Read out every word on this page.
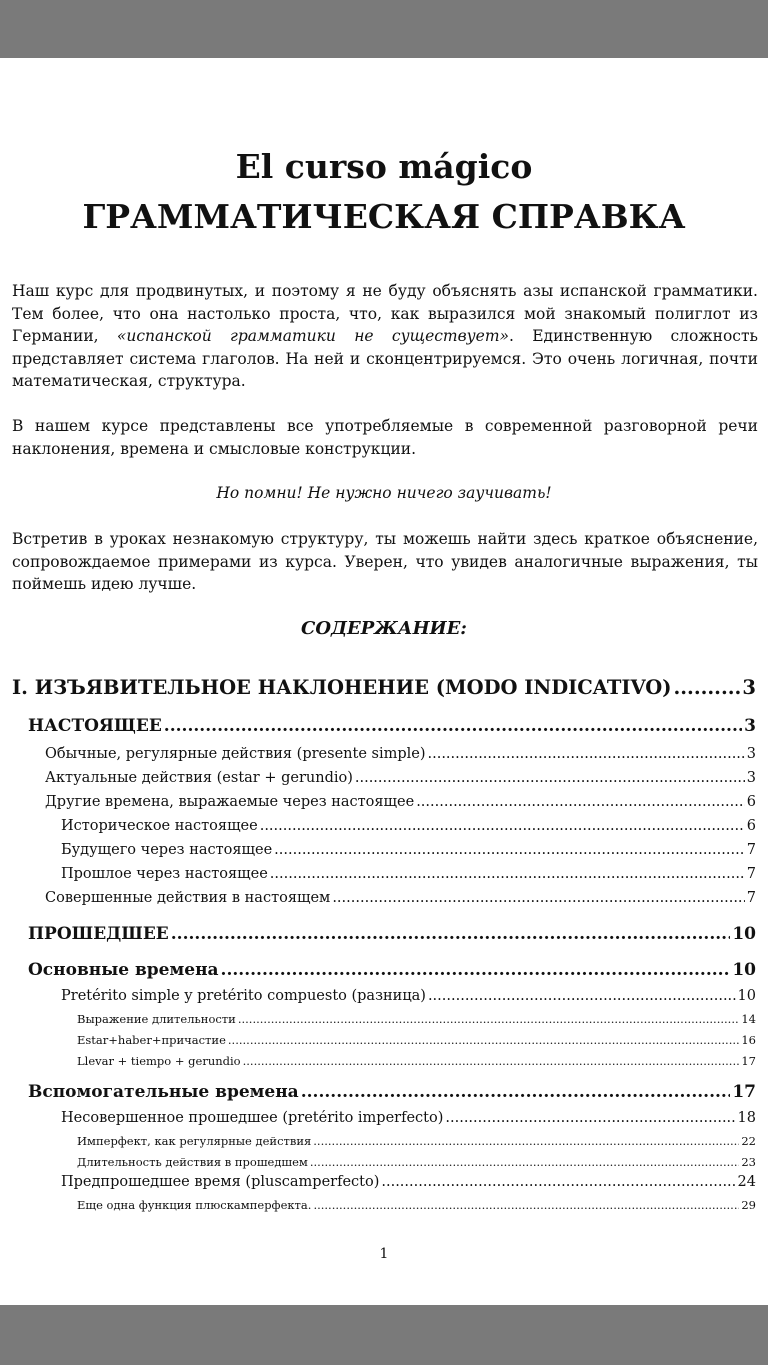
El curso mágico
ГРАММАТИЧЕСКАЯ СПРАВКА

Наш курс для продвинутых, и поэтому я не буду объяснять азы испанской грамматики. Тем более, что она настолько проста, что, как выразился мой знакомый полиглот из Германии, «испанской грамматики не существует». Единственную сложность представляет система глаголов. На ней и сконцентрируемся. Это очень логичная, почти математическая, структура.

В нашем курсе представлены все употребляемые в современной разговорной речи наклонения, времена и смысловые конструкции.

Но помни! Не нужно ничего заучивать!

Встретив в уроках незнакомую структуру, ты можешь найти здесь краткое объяснение, сопровождаемое примерами из курса. Уверен, что увидев аналогичные выражения, ты поймешь идею лучше.

СОДЕРЖАНИЕ:

I. ИЗЪЯВИТЕЛЬНОЕ НАКЛОНЕНИЕ (MODO INDICATIVO) .....	3
НАСТОЯЩЕЕ .....	3
Обычные, регулярные действия (presente simple) .....	3
Актуальные действия (estar + gerundio) .....	3
Другие времена, выражаемые через настоящее .....	6
Историческое настоящее .....	6
Будущего через настоящее .....	7
Прошлое через настоящее .....	7
Совершенные действия в настоящем .....	7
ПРОШЕДШЕЕ .....	10
Основные времена .....	10
Pretérito simple y pretérito compuesto (разница) .....	10
Выражение длительности .....	14
Estar+haber+причастие .....	16
Llevar + tiempo + gerundio .....	17
Вспомогательные времена .....	17
Несовершенное прошедшее (pretérito imperfecto) .....	18
Имперфект, как регулярные действия .....	22
Длительность действия в прошедшем .....	23
Предпрошедшее время (pluscamperfecto) .....	24
Еще одна функция плюскамперфекта. .....	29

1
